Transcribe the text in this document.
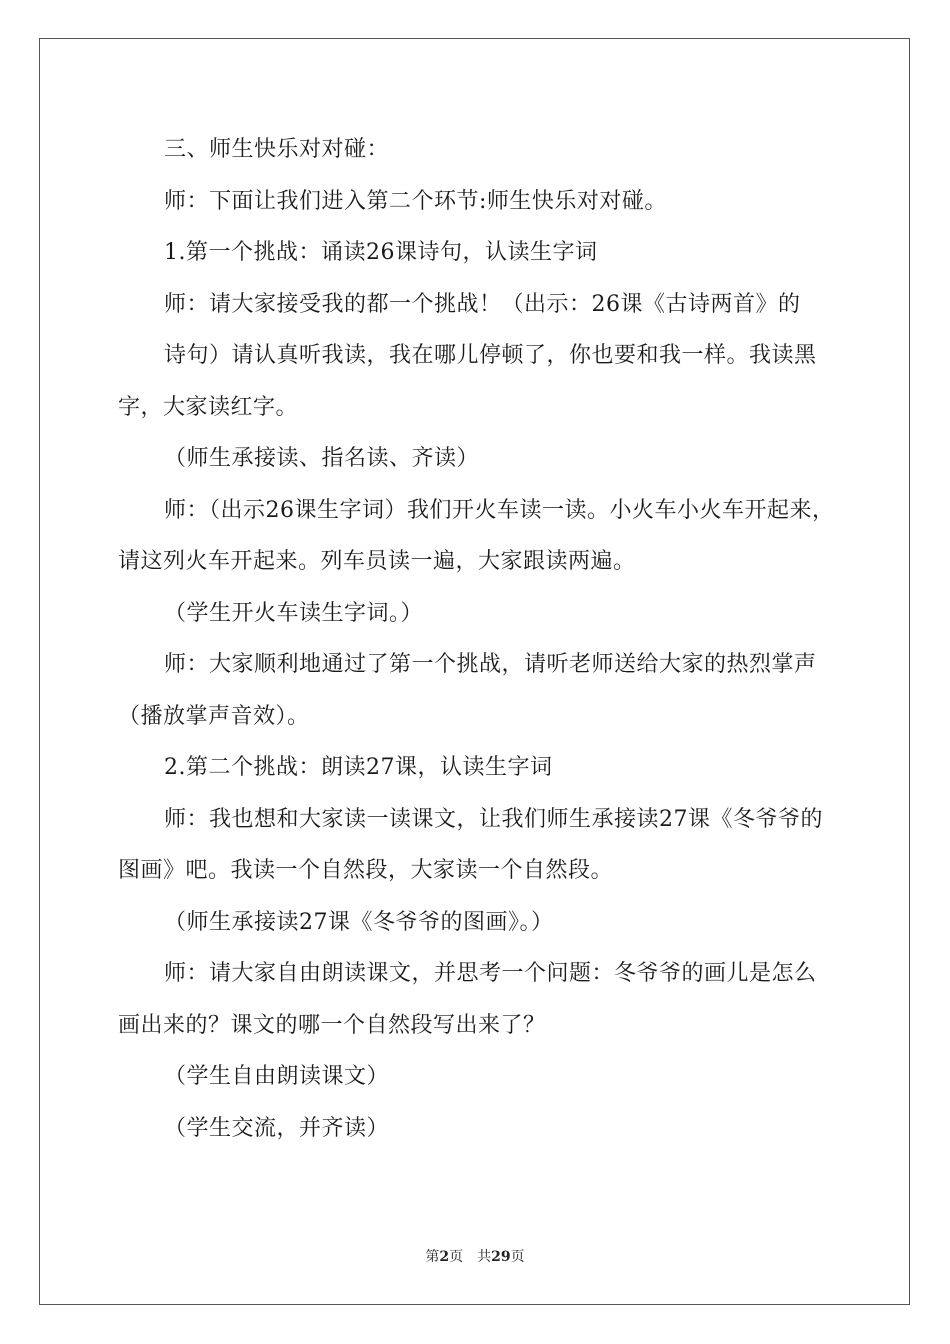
三、师生快乐对对碰：

师：下面让我们进入第二个环节:师生快乐对对碰。

1.第一个挑战：诵读26课诗句，认读生字词

师：请大家接受我的都一个挑战！（出示：26课《古诗两首》的

诗句）请认真听我读，我在哪儿停顿了，你也要和我一样。我读黑字，大家读红字。

（师生承接读、指名读、齐读）

师：（出示26课生字词）我们开火车读一读。小火车小火车开起来，请这列火车开起来。列车员读一遍，大家跟读两遍。

（学生开火车读生字词。）

师：大家顺利地通过了第一个挑战，请听老师送给大家的热烈掌声（播放掌声音效）。

2.第二个挑战：朗读27课，认读生字词

师：我也想和大家读一读课文，让我们师生承接读27课《冬爷爷的图画》吧。我读一个自然段，大家读一个自然段。

（师生承接读27课《冬爷爷的图画》。）

师：请大家自由朗读课文，并思考一个问题：冬爷爷的画儿是怎么画出来的？课文的哪一个自然段写出来了？

（学生自由朗读课文）

（学生交流，并齐读）

第2页　共29页
